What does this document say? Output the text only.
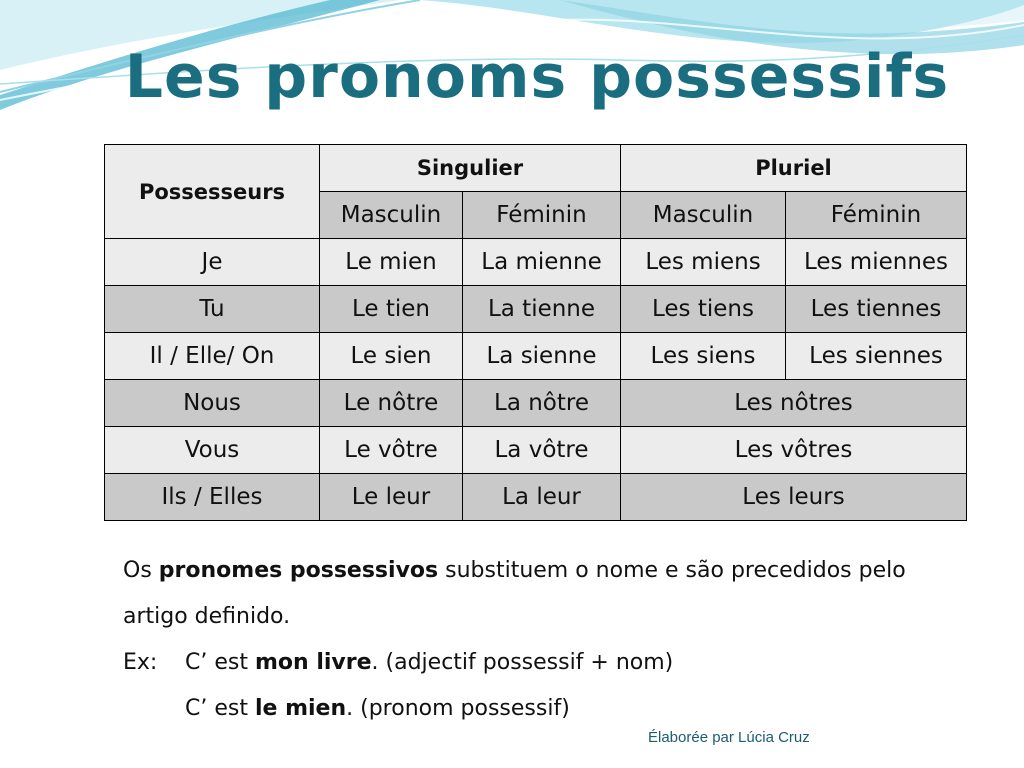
Les pronoms possessifs
Possesseurs	Singulier		Pluriel	
	Masculin	Féminin	Masculin	Féminin
Je	Le mien	La mienne	Les miens	Les miennes
Tu	Le tien	La tienne	Les tiens	Les tiennes
Il / Elle/ On	Le sien	La sienne	Les siens	Les siennes
Nous	Le nôtre	La nôtre	Les nôtres	
Vous	Le vôtre	La vôtre	Les vôtres	
Ils / Elles	Le leur	La leur	Les leurs	

Os pronomes possessivos substituem o nome e são precedidos pelo

artigo definido.

Ex: C’ est mon livre. (adjectif possessif + nom)

C’ est le mien. (pronom possessif)

Élaborée par Lúcia Cruz
